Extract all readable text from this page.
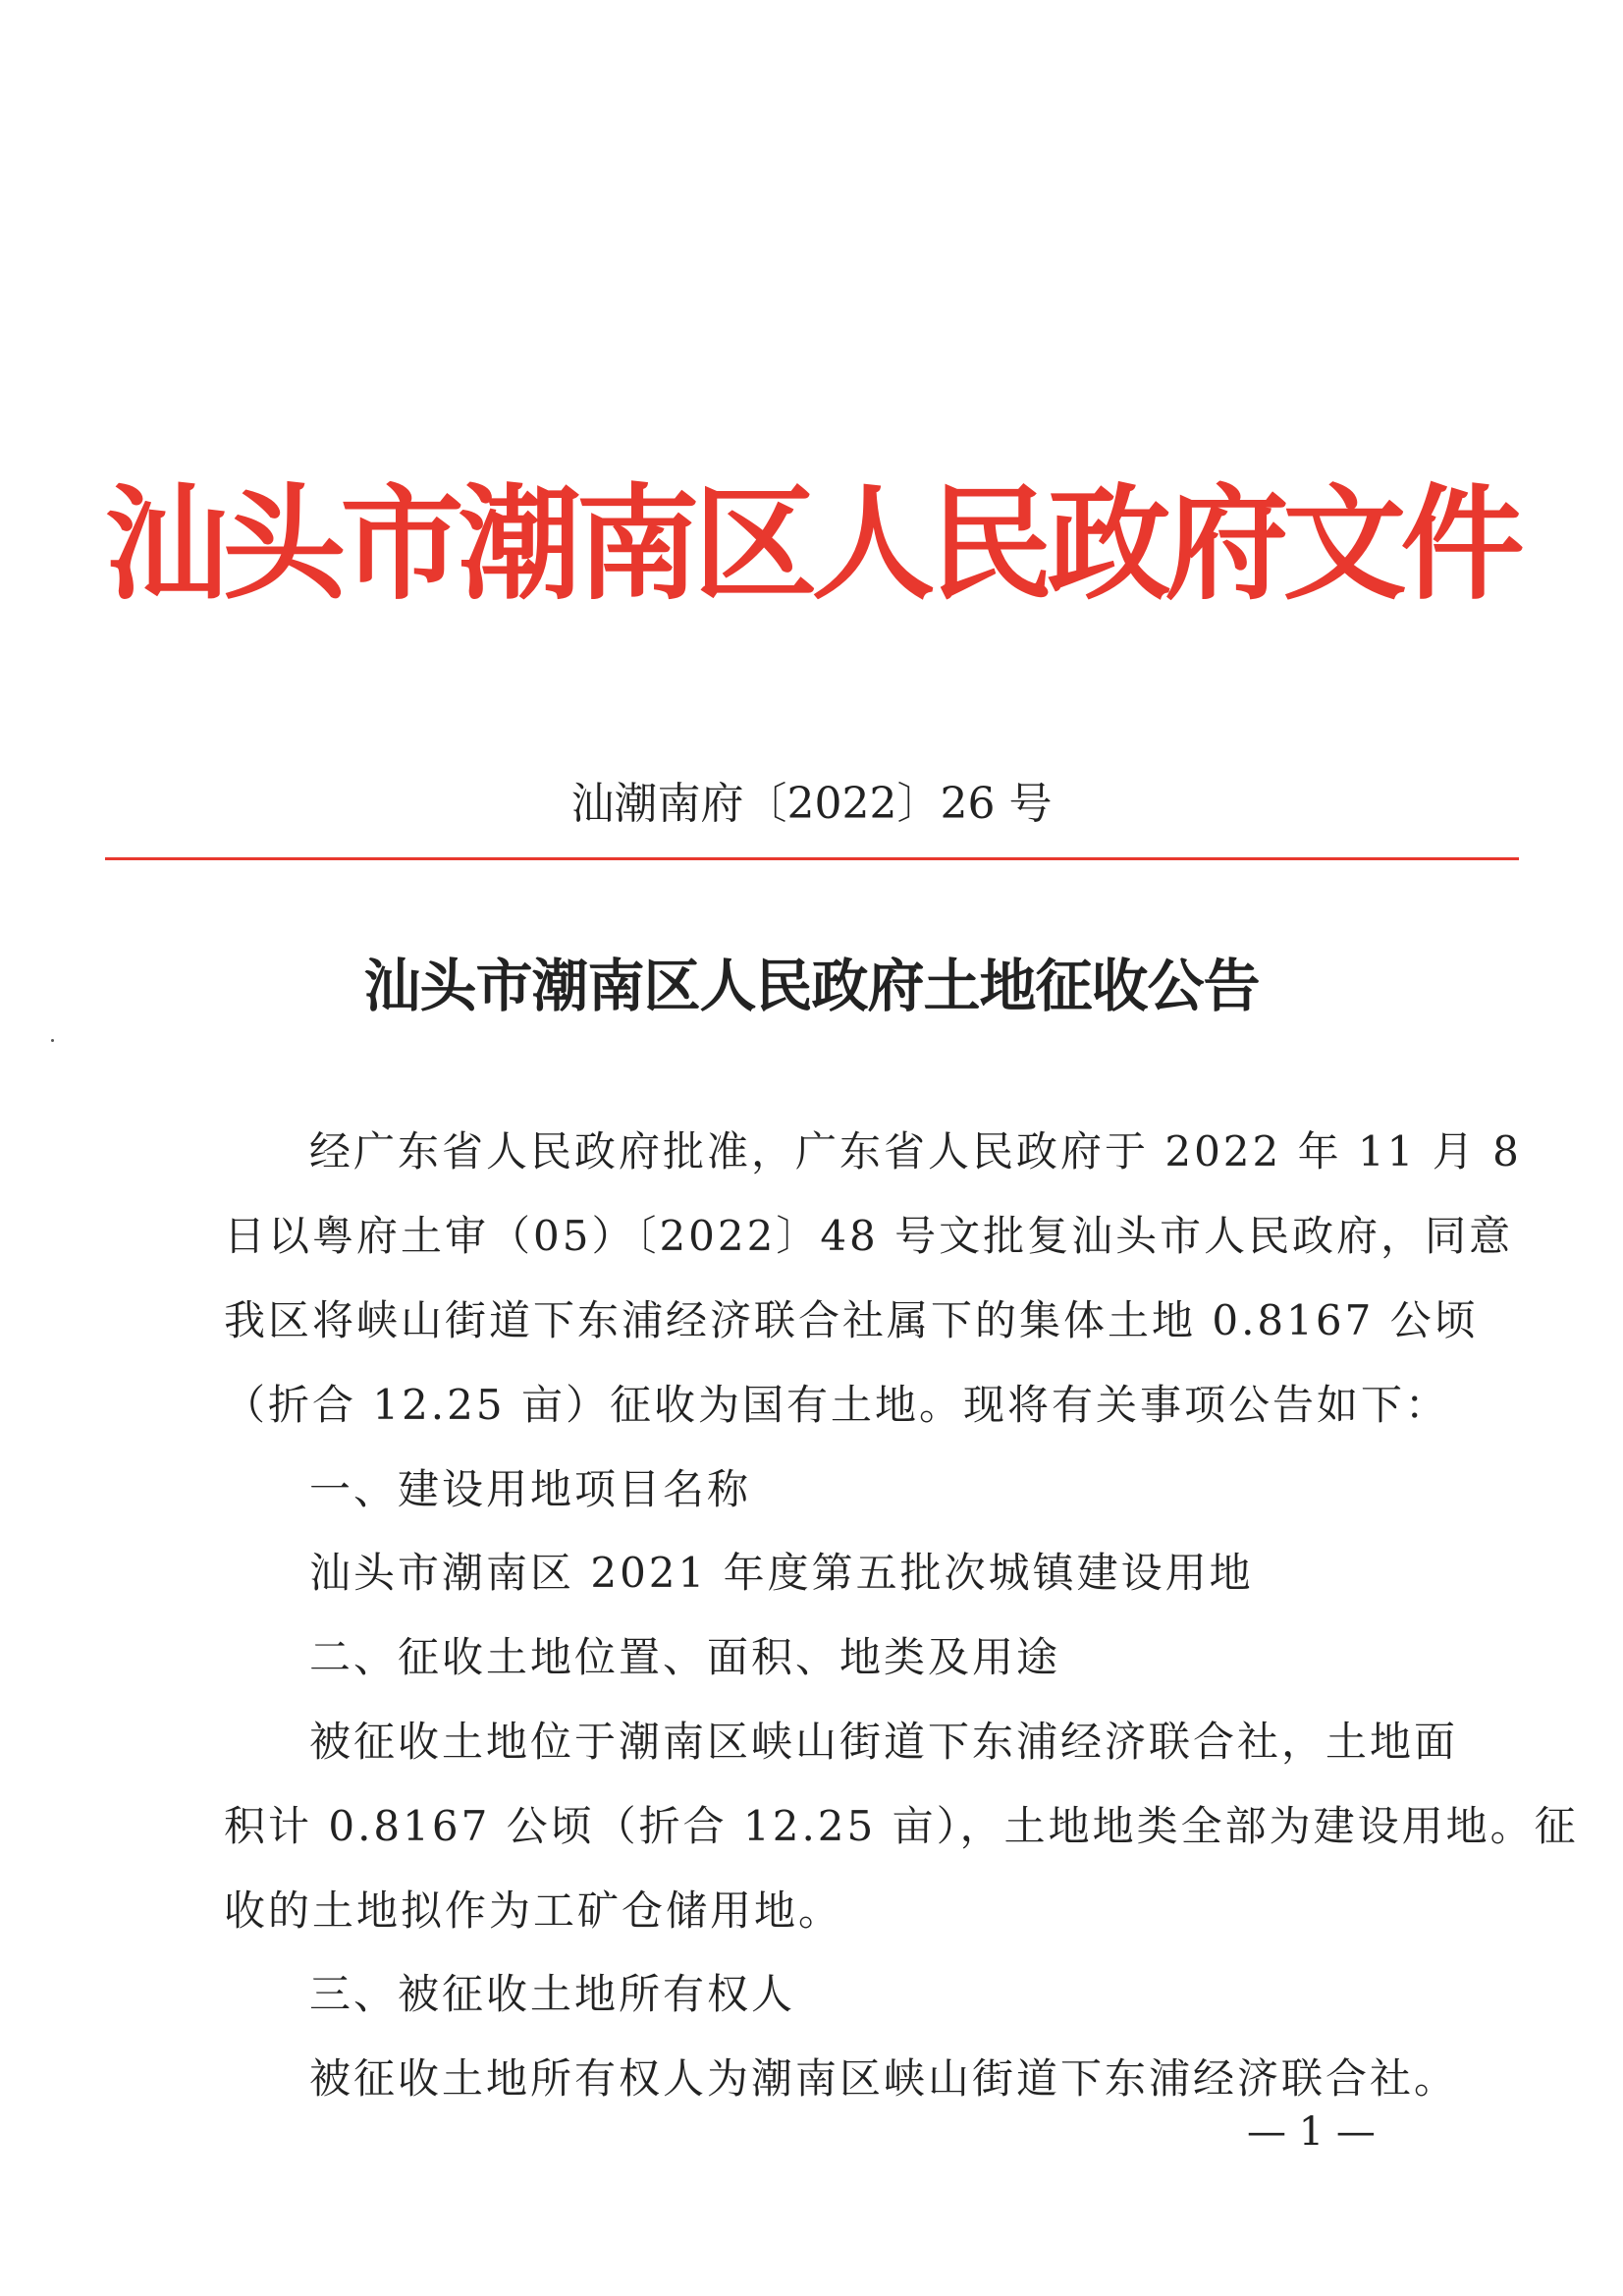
汕头市潮南区人民政府文件
汕潮南府〔2022〕26 号
汕头市潮南区人民政府土地征收公告
经广东省人民政府批准，广东省人民政府于 2022 年 11 月 8
日以粤府土审（05）〔2022〕48 号文批复汕头市人民政府，同意
我区将峡山街道下东浦经济联合社属下的集体土地 0.8167 公顷
（折合 12.25 亩）征收为国有土地。现将有关事项公告如下：
一、建设用地项目名称
汕头市潮南区 2021 年度第五批次城镇建设用地
二、征收土地位置、面积、地类及用途
被征收土地位于潮南区峡山街道下东浦经济联合社，土地面
积计 0.8167 公顷（折合 12.25 亩），土地地类全部为建设用地。征
收的土地拟作为工矿仓储用地。
三、被征收土地所有权人
被征收土地所有权人为潮南区峡山街道下东浦经济联合社。
— 1 —
